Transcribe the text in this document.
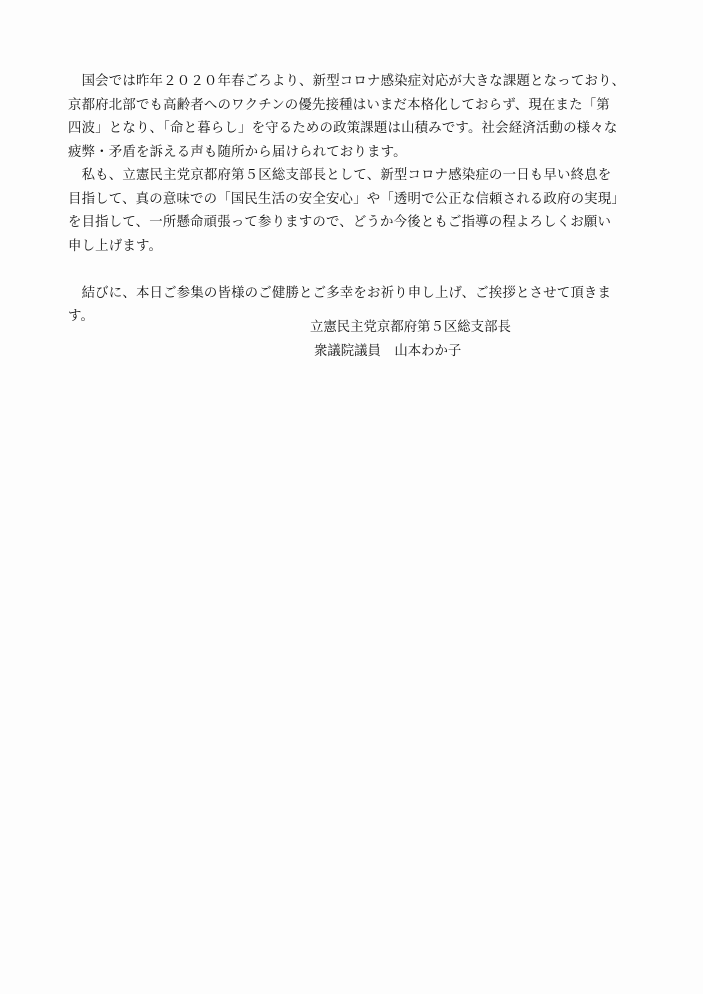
　国会では昨年２０２０年春ごろより、新型コロナ感染症対応が大きな課題となっており、
京都府北部でも高齢者へのワクチンの優先接種はいまだ本格化しておらず、現在また「第
四波」となり、「命と暮らし」を守るための政策課題は山積みです。社会経済活動の様々な
疲弊・矛盾を訴える声も随所から届けられております。

　私も、立憲民主党京都府第５区総支部長として、新型コロナ感染症の一日も早い終息を
目指して、真の意味での「国民生活の安全安心」や「透明で公正な信頼される政府の実現」
を目指して、一所懸命頑張って参りますので、どうか今後ともご指導の程よろしくお願い
申し上げます。

　結びに、本日ご参集の皆様のご健勝とご多幸をお祈り申し上げ、ご挨拶とさせて頂きま
す。

立憲民主党京都府第５区総支部長
衆議院議員　山本わか子
